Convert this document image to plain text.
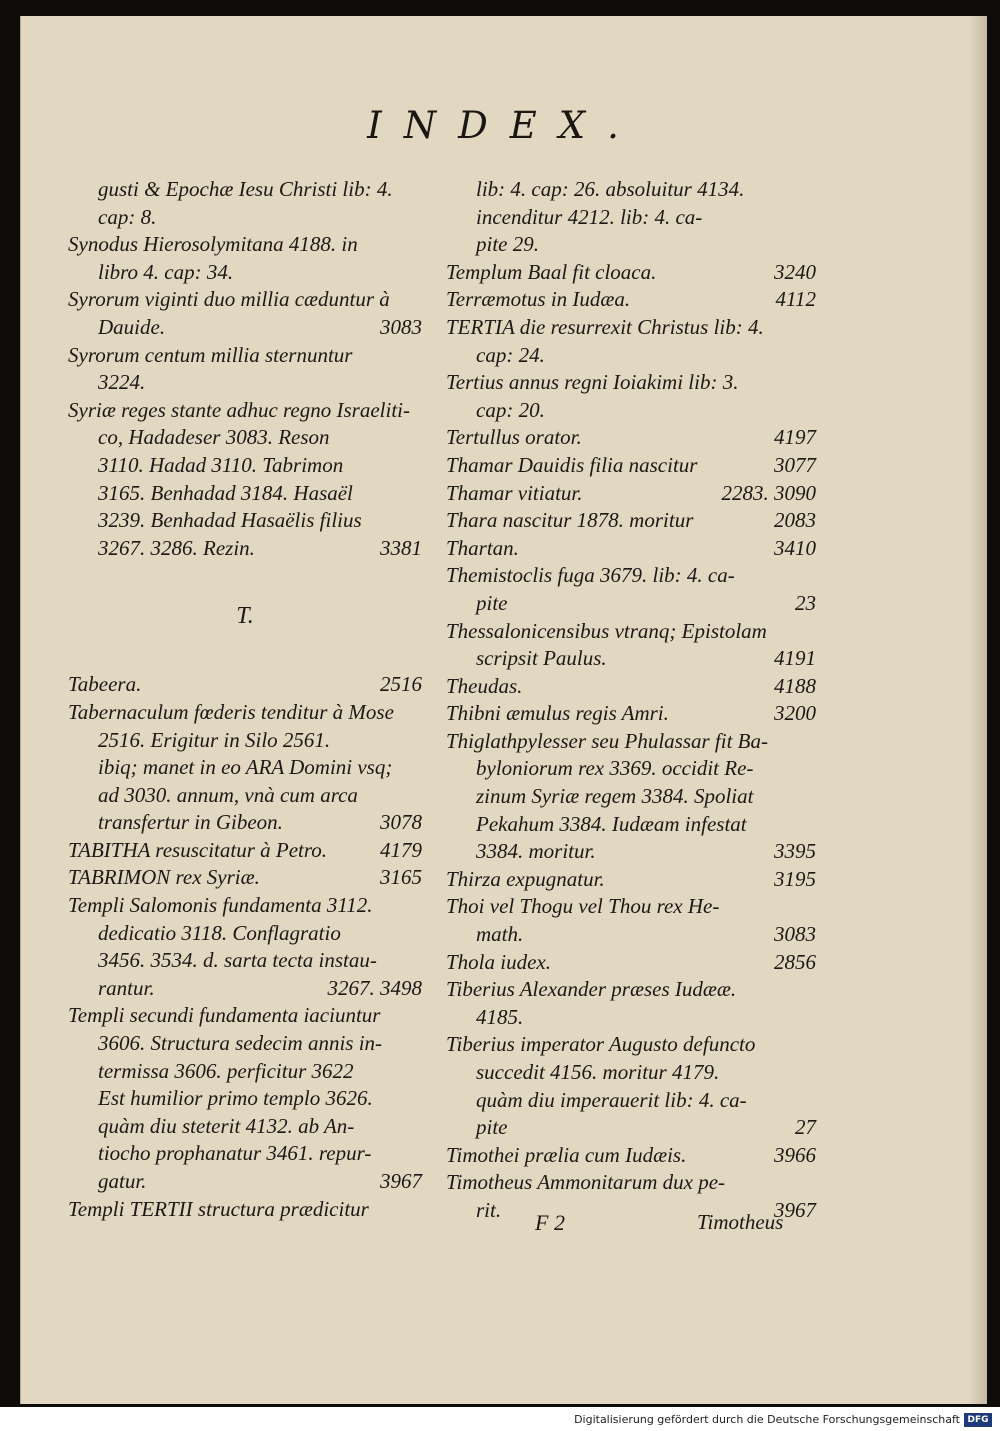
INDEX.
gusti & Epochæ Iesu Christi lib: 4.
cap: 8.
Synodus Hierosolymitana 4188. in
libro 4. cap: 34.
Syrorum viginti duo millia cæduntur à
Dauide.	3083
Syrorum centum millia sternuntur
3224.
Syriæ reges stante adhuc regno Israeliti-
co, Hadadeser 3083. Reson
3110. Hadad 3110. Tabrimon
3165. Benhadad 3184. Hasaël
3239. Benhadad Hasaëlis filius
3267. 3286. Rezin.	3381
T.
Tabeera.	2516
Tabernaculum fœderis tenditur à Mose
2516. Erigitur in Silo 2561.
ibiq; manet in eo ARA Domini vsq;
ad 3030. annum, vnà cum arca
transfertur in Gibeon.	3078
TABITHA resuscitatur à Petro.	4179
TABRIMON rex Syriæ.	3165
Templi Salomonis fundamenta 3112.
dedicatio 3118. Conflagratio
3456. 3534. d. sarta tecta instau-
rantur.	3267. 3498
Templi secundi fundamenta iaciuntur
3606. Structura sedecim annis in-
termissa 3606. perficitur 3622
Est humilior primo templo 3626.
quàm diu steterit 4132. ab An-
tiocho prophanatur 3461. repur-
gatur.	3967
Templi TERTII structura prædicitur
lib: 4. cap: 26. absoluitur 4134.
incenditur 4212. lib: 4. ca-
pite 29.
Templum Baal fit cloaca.	3240
Terræmotus in Iudæa.	4112
TERTIA die resurrexit Christus lib: 4.
cap: 24.
Tertius annus regni Ioiakimi lib: 3.
cap: 20.
Tertullus orator.	4197
Thamar Dauidis filia nascitur	3077
Thamar vitiatur.	2283. 3090
Thara nascitur 1878. moritur	2083
Thartan.	3410
Themistoclis fuga 3679. lib: 4. ca-
pite	23
Thessalonicensibus vtranq; Epistolam
scripsit Paulus.	4191
Theudas.	4188
Thibni æmulus regis Amri.	3200
Thiglathpylesser seu Phulassar fit Ba-
byloniorum rex 3369. occidit Re-
zinum Syriæ regem 3384. Spoliat
Pekahum 3384. Iudæam infestat
3384. moritur.	3395
Thirza expugnatur.	3195
Thoi vel Thogu vel Thou rex He-
math.	3083
Thola iudex.	2856
Tiberius Alexander præses Iudææ.
4185.
Tiberius imperator Augusto defuncto
succedit 4156. moritur 4179.
quàm diu imperauerit lib: 4. ca-
pite	27
Timothei prælia cum Iudæis.	3966
Timotheus Ammonitarum dux pe-
rit.	3967
F 2	Timotheus
Digitalisierung gefördert durch die Deutsche Forschungsgemeinschaft DFG
